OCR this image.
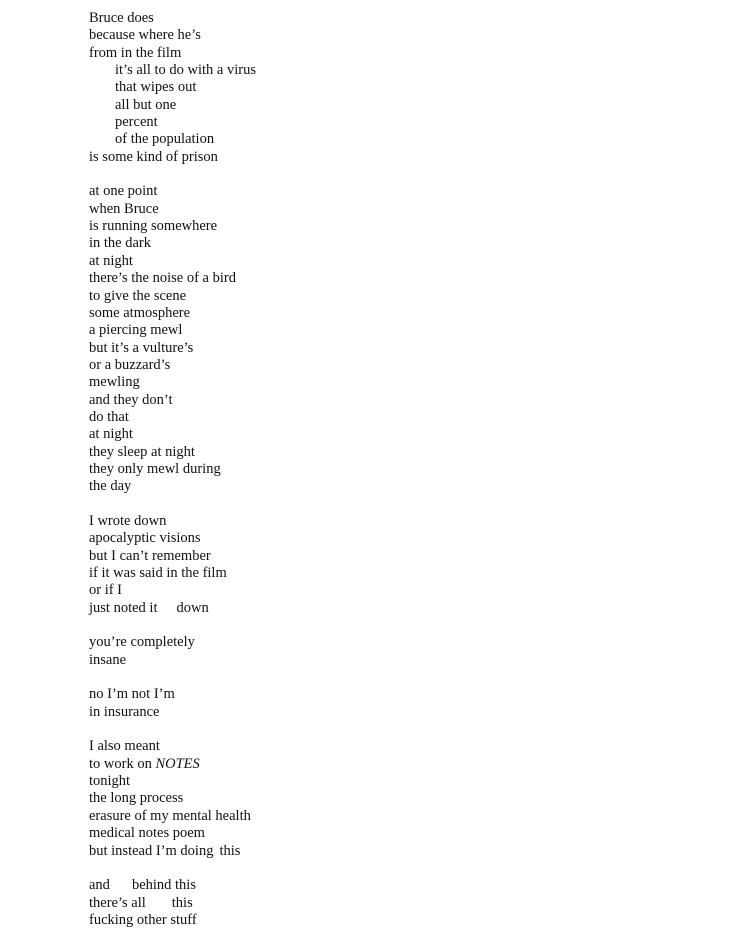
Bruce does
because where he’s
from in the film
it’s all to do with a virus
that wipes out
all but one
percent
of the population
is some kind of prison
at one point
when Bruce
is running somewhere
in the dark
at night
there’s the noise of a bird
to give the scene
some atmosphere
a piercing mewl
but it’s a vulture’s
or a buzzard’s
mewling
and they don’t
do that
at night
they sleep at night
they only mewl during
the day
I wrote down
apocalyptic visions
but I can’t remember
if it was said in the film
or if I
just noted it down
you’re completely
insane
no I’m not I’m
in insurance
I also meant
to work on NOTES
tonight
the long process
erasure of my mental health
medical notes poem
but instead I’m doing this
and behind this
there’s all this
fucking other stuff
